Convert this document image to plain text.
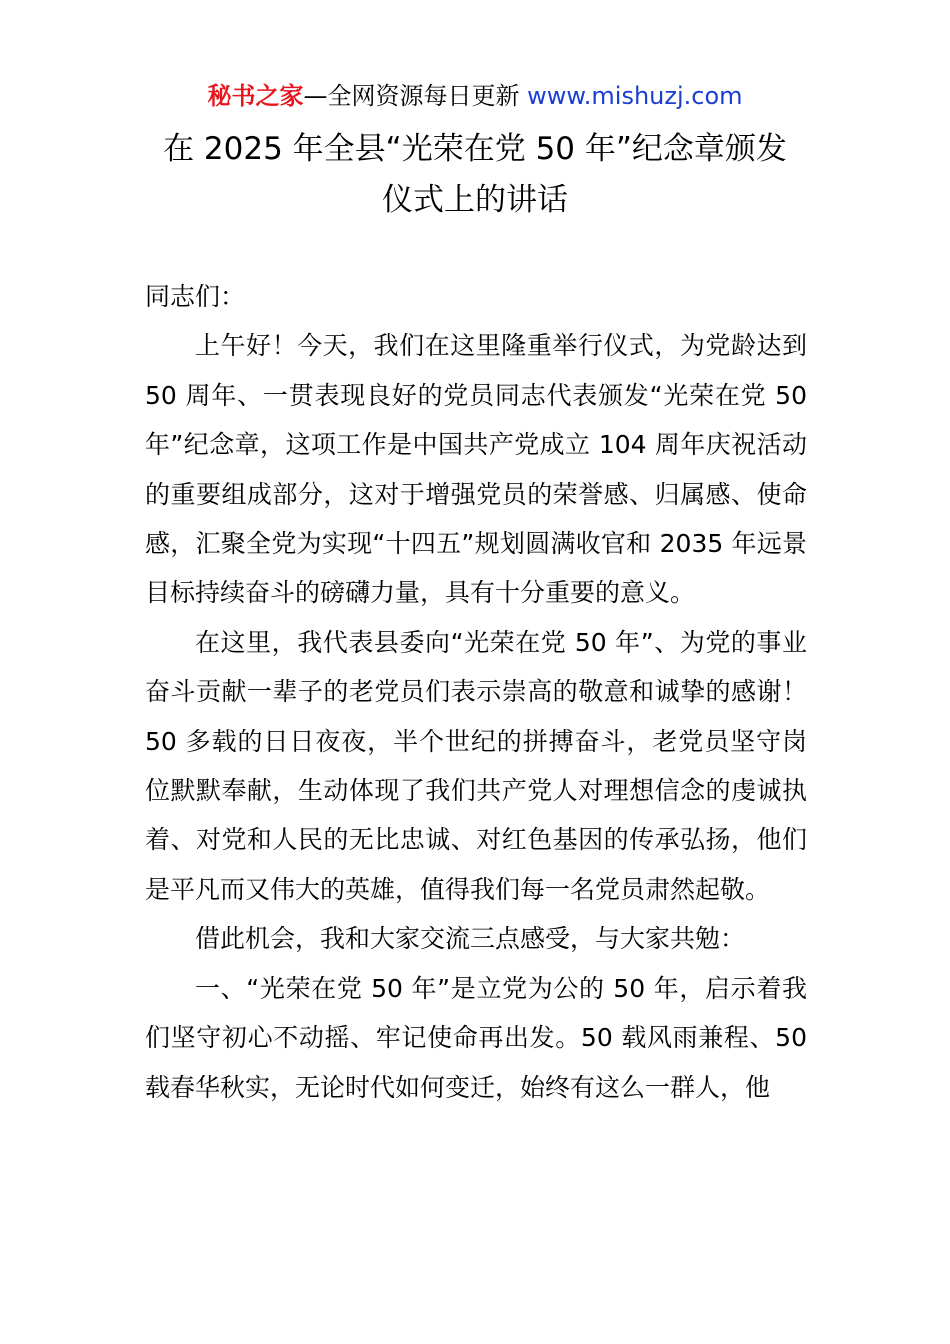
秘书之家—全网资源每日更新 www.mishuzj.com
在 2025 年全县“光荣在党 50 年”纪念章颁发
仪式上的讲话

同志们：

上午好！今天，我们在这里隆重举行仪式，为党龄达到 50 周年、一贯表现良好的党员同志代表颁发“光荣在党 50 年”纪念章，这项工作是中国共产党成立 104 周年庆祝活动的重要组成部分，这对于增强党员的荣誉感、归属感、使命感，汇聚全党为实现“十四五”规划圆满收官和 2035 年远景目标持续奋斗的磅礴力量，具有十分重要的意义。

在这里，我代表县委向“光荣在党 50 年”、为党的事业奋斗贡献一辈子的老党员们表示崇高的敬意和诚挚的感谢！50 多载的日日夜夜，半个世纪的拼搏奋斗，老党员坚守岗位默默奉献，生动体现了我们共产党人对理想信念的虔诚执着、对党和人民的无比忠诚、对红色基因的传承弘扬，他们是平凡而又伟大的英雄，值得我们每一名党员肃然起敬。

借此机会，我和大家交流三点感受，与大家共勉：

一、“光荣在党 50 年”是立党为公的 50 年，启示着我们坚守初心不动摇、牢记使命再出发。50 载风雨兼程、50 载春华秋实，无论时代如何变迁，始终有这么一群人，他
